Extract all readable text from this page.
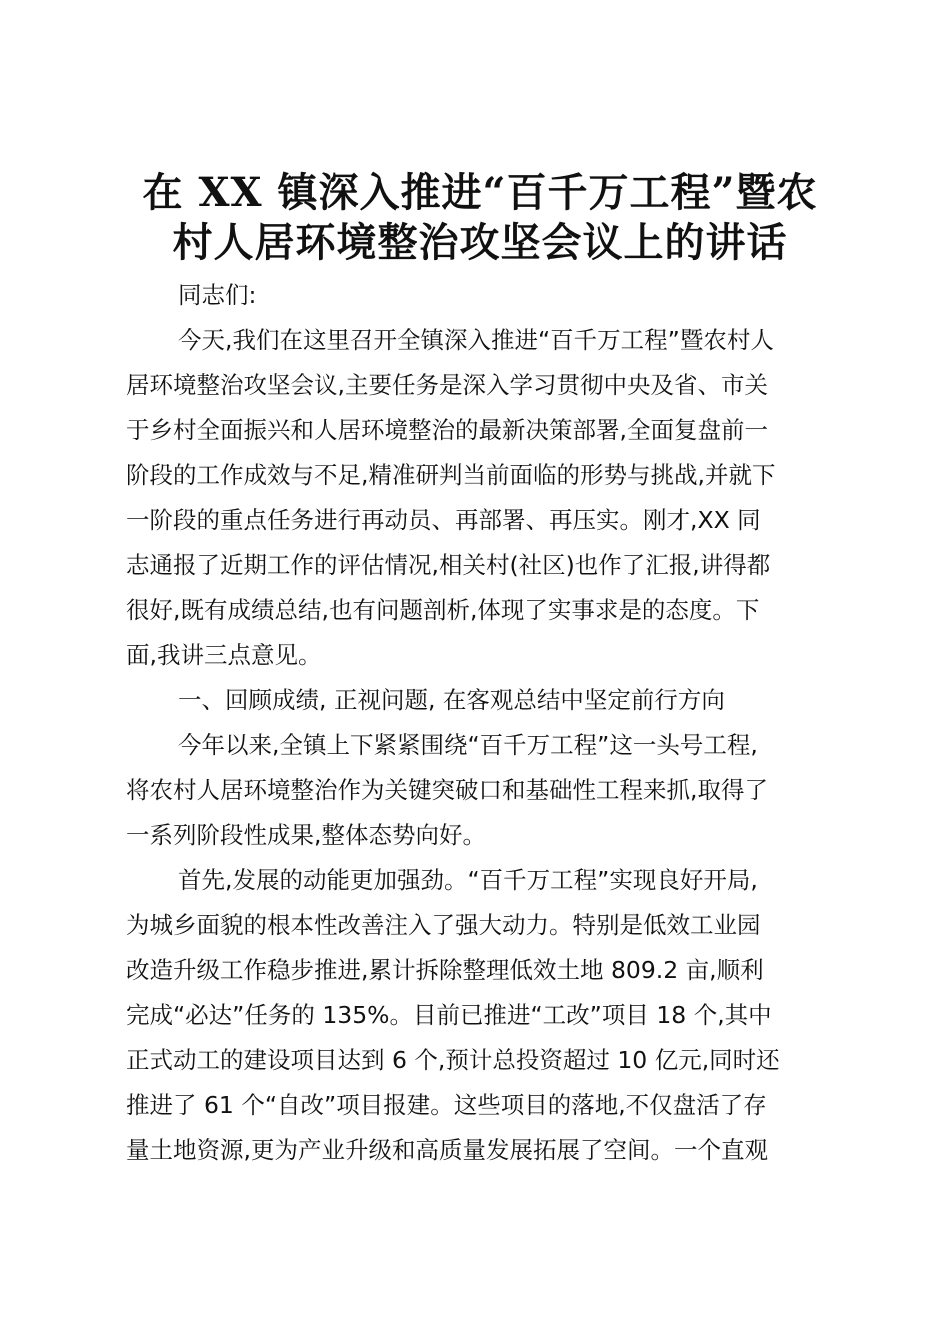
在 XX 镇深入推进“百千万工程”暨农
村人居环境整治攻坚会议上的讲话

同志们:

今天,我们在这里召开全镇深入推进“百千万工程”暨农村人
居环境整治攻坚会议,主要任务是深入学习贯彻中央及省、市关
于乡村全面振兴和人居环境整治的最新决策部署,全面复盘前一
阶段的工作成效与不足,精准研判当前面临的形势与挑战,并就下
一阶段的重点任务进行再动员、再部署、再压实。刚才,XX 同
志通报了近期工作的评估情况,相关村(社区)也作了汇报,讲得都
很好,既有成绩总结,也有问题剖析,体现了实事求是的态度。下
面,我讲三点意见。

一、回顾成绩, 正视问题, 在客观总结中坚定前行方向

今年以来,全镇上下紧紧围绕“百千万工程”这一头号工程,
将农村人居环境整治作为关键突破口和基础性工程来抓,取得了
一系列阶段性成果,整体态势向好。

首先,发展的动能更加强劲。“百千万工程”实现良好开局,
为城乡面貌的根本性改善注入了强大动力。特别是低效工业园
改造升级工作稳步推进,累计拆除整理低效土地 809.2 亩,顺利
完成“必达”任务的 135%。目前已推进“工改”项目 18 个,其中
正式动工的建设项目达到 6 个,预计总投资超过 10 亿元,同时还
推进了 61 个“自改”项目报建。这些项目的落地,不仅盘活了存
量土地资源,更为产业升级和高质量发展拓展了空间。一个直观
